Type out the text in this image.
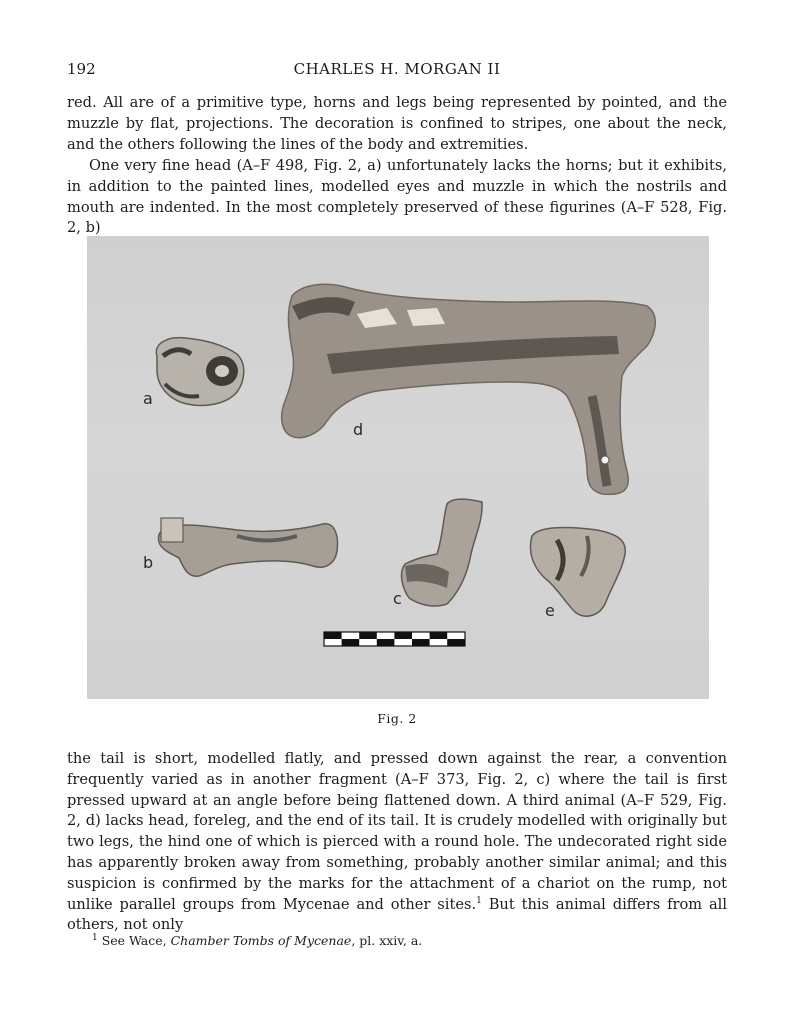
192	CHARLES H. MORGAN II

red. All are of a primitive type, horns and legs being represented by pointed, and the muzzle by flat, projections. The decoration is confined to stripes, one about the neck, and the others following the lines of the body and extremities.

One very fine head (A–F 498, Fig. 2, a) unfortunately lacks the horns; but it exhibits, in addition to the painted lines, modelled eyes and muzzle in which the nostrils and mouth are indented. In the most completely preserved of these figurines (A–F 528, Fig. 2, b)

a
d
b
c
e
Fig. 2

the tail is short, modelled flatly, and pressed down against the rear, a convention frequently varied as in another fragment (A–F 373, Fig. 2, c) where the tail is first pressed upward at an angle before being flattened down. A third animal (A–F 529, Fig. 2, d) lacks head, foreleg, and the end of its tail. It is crudely modelled with originally but two legs, the hind one of which is pierced with a round hole. The undecorated right side has apparently broken away from something, probably another similar animal; and this suspicion is confirmed by the marks for the attachment of a chariot on the rump, not unlike parallel groups from Mycenae and other sites.$^1$ But this animal differs from all others, not only

$^1$ See Wace, Chamber Tombs of Mycenae, pl. xxiv, a.
